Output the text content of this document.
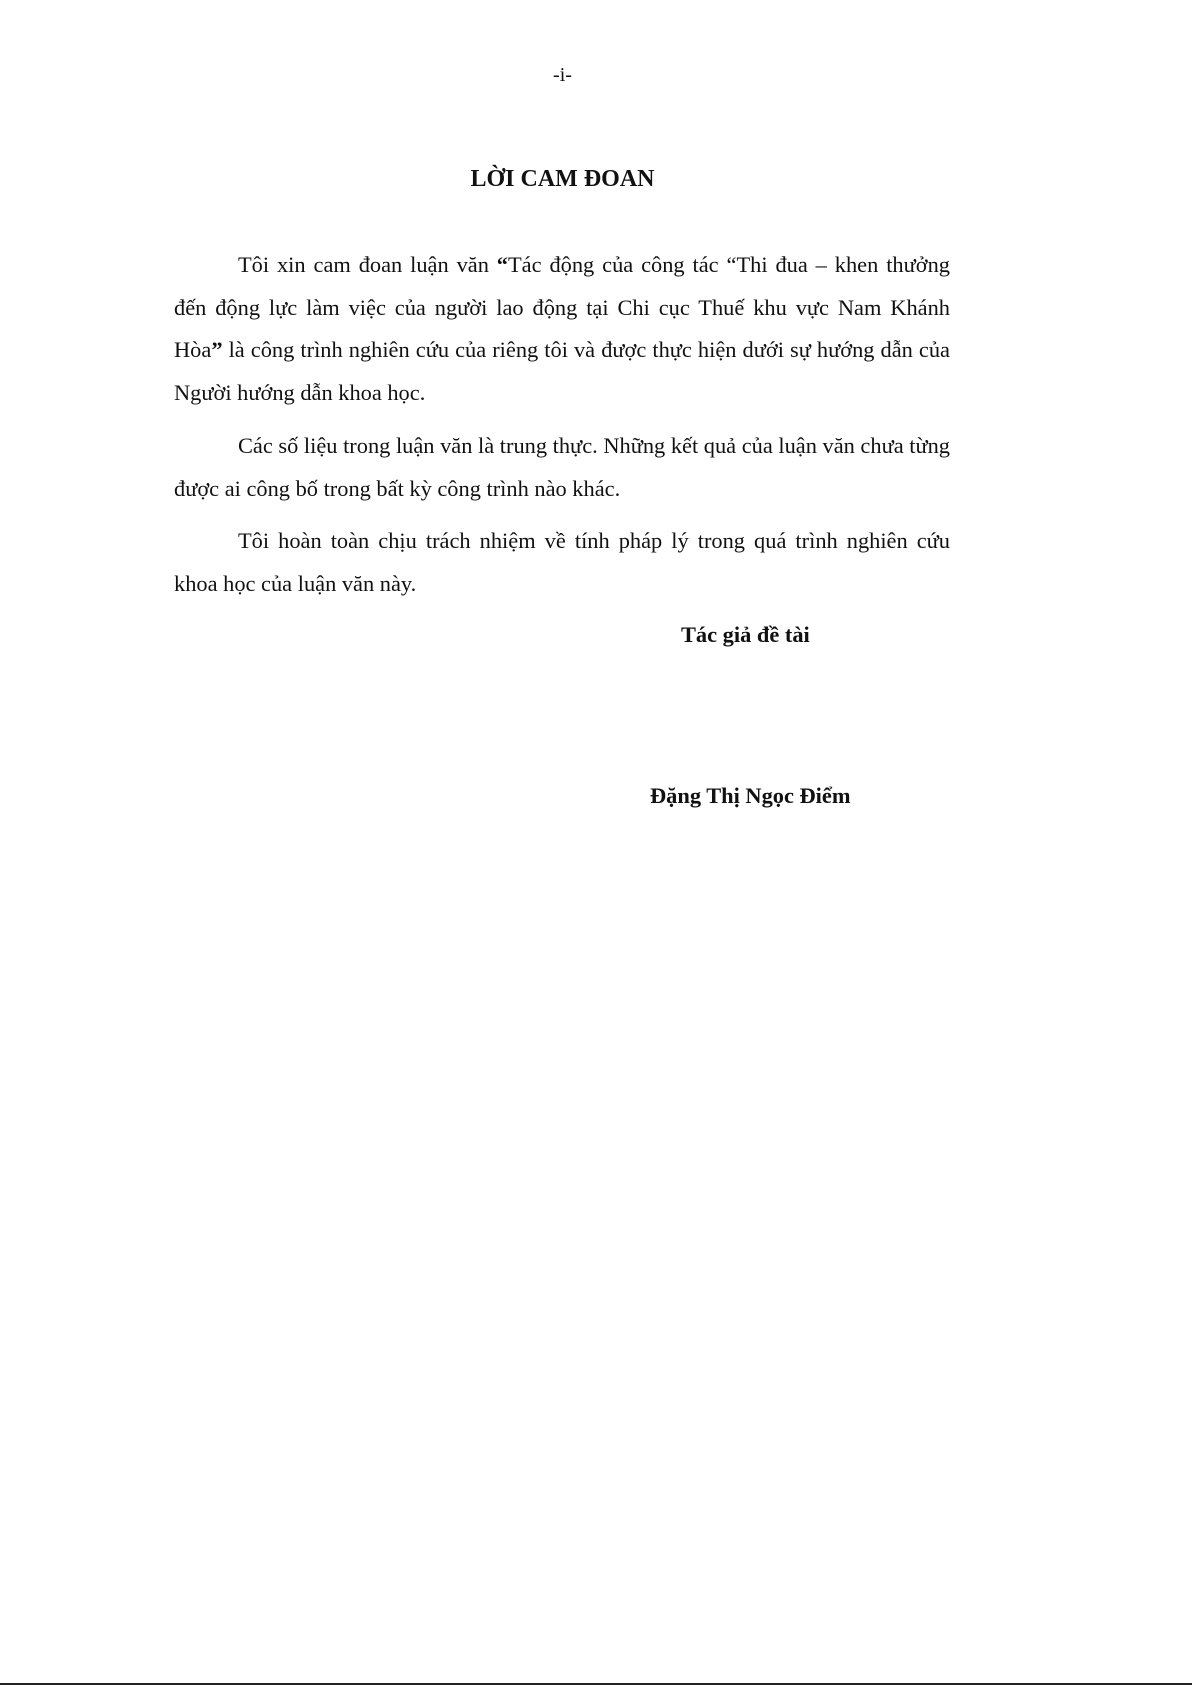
-i-
LỜI CAM ĐOAN

Tôi xin cam đoan luận văn “Tác động của công tác “Thi đua – khen thưởng đến động lực làm việc của người lao động tại Chi cục Thuế khu vực Nam Khánh Hòa” là công trình nghiên cứu của riêng tôi và được thực hiện dưới sự hướng dẫn của Người hướng dẫn khoa học.

Các số liệu trong luận văn là trung thực. Những kết quả của luận văn chưa từng được ai công bố trong bất kỳ công trình nào khác.

Tôi hoàn toàn chịu trách nhiệm về tính pháp lý trong quá trình nghiên cứu khoa học của luận văn này.

Tác giả đề tài
Đặng Thị Ngọc Điểm
